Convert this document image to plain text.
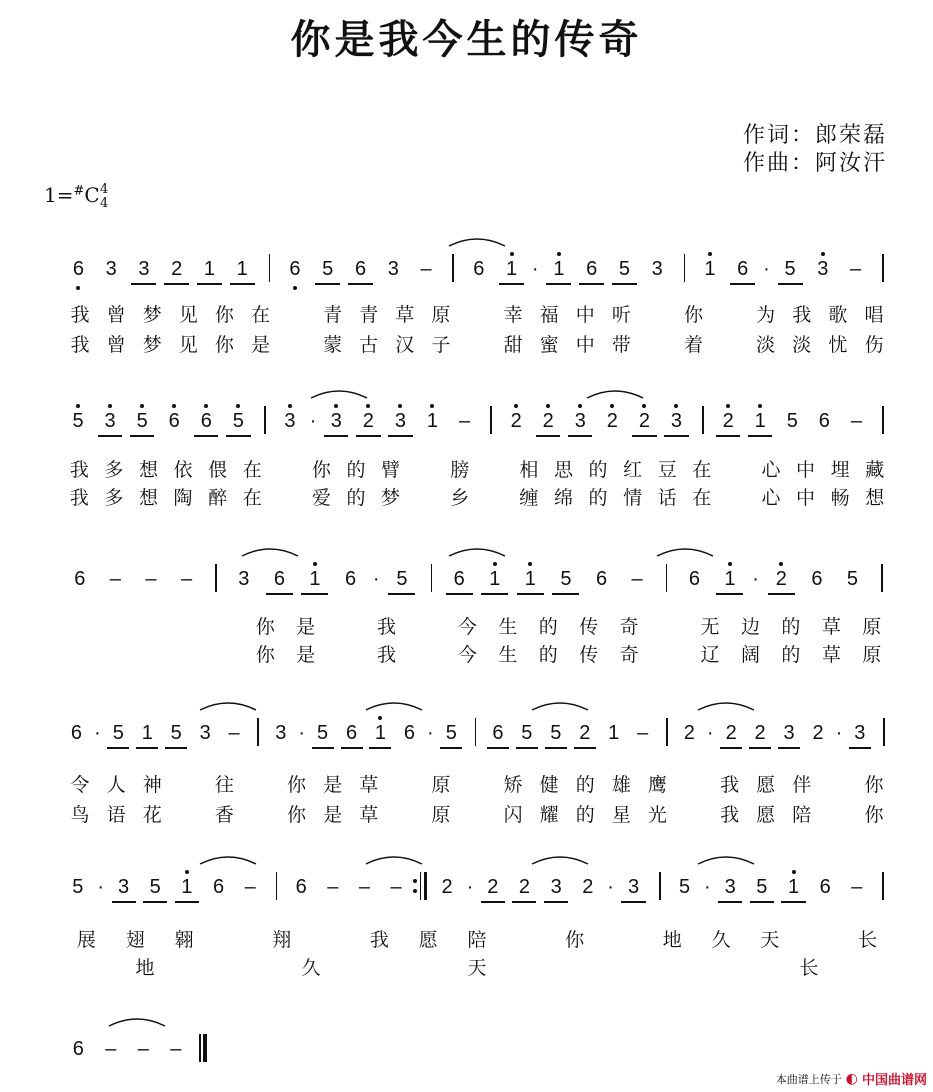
你是我今生的传奇
作词：郎荣磊
作曲：阿汝汗
1=#C 4
4
6 3 3 2 1 1 6 5 6 3 – 6 1 · 1 6 5 3 1 6 · 5 3 –
我 曾 梦 见 你 在	青 青 草 原	幸 福 中 听	你	为 我 歌 唱
我 曾 梦 见 你 是	蒙 古 汉 子	甜 蜜 中 带	着	淡 淡 忧 伤
5 3 5 6 6 5 3 · 3 2 3 1 – 2 2 3 2 2 3 2 1 5 6 –
我 多 想 依 偎 在	你 的 臂	膀	相 思 的 红 豆 在	心 中 埋 藏
我 多 想 陶 醉 在	爱 的 梦	乡	缠 绵 的 情 话 在	心 中 畅 想
6 – – – 3 6 1 6 · 5 6 1 1 5 6 – 6 1 · 2 6 5
你 是	我	今 生 的 传 奇	无 边 的 草 原
你 是	我	今 生 的 传 奇	辽 阔 的 草 原
6 · 5 1 5 3 – 3 · 5 6 1 6 · 5 6 5 5 2 1 – 2 · 2 2 3 2 · 3
令 人 神	往	你 是 草	原	矫 健 的 雄 鹰	我 愿 伴	你
鸟 语 花	香	你 是 草	原	闪 耀 的 星 光	我 愿 陪	你
5 · 3 5 1 6 – 6 – – – 2 · 2 2 3 2 · 3 5 · 3 5 1 6 –
展 翅 翱	翔	我 愿 陪	你	地 久 天	长
地	久	天	长
6 – – –
本曲谱上传于 ◐ 中国曲谱网
